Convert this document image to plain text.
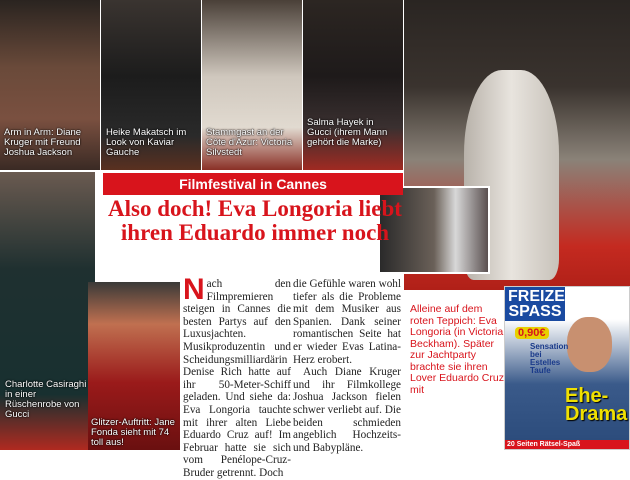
Arm in Arm: Diane Kruger mit Freund Joshua Jackson
Heike Makatsch im Look von Kaviar Gauche
Stammgast an der Côte d'Azur: Victoria Silvstedt
Salma Hayek in Gucci (ihrem Mann gehört die Marke)
Charlotte Casiraghi in einer Rüschenrobe von Gucci
Glitzer-Auftritt: Jane Fonda sieht mit 74 toll aus!
Filmfestival in Cannes
Also doch! Eva Longoria liebt ihren Eduardo immer noch
Nach den Filmpremieren steigen in Cannes die besten Partys auf den Luxusjachten. Musikproduzentin und Scheidungsmilliardärin Denise Rich hatte auf ihr 50-Meter-Schiff geladen. Und siehe da: Eva Longoria tauchte mit ihrer alten Liebe Eduardo Cruz auf! Im Februar hatte sie sich vom Penélope-Cruz-Bruder getrennt. Doch

die Gefühle waren wohl tiefer als die Probleme mit dem Musiker aus Spanien. Dank seiner romantischen Seite hat er wieder Evas Latina-Herz erobert.

Auch Diane Kruger und ihr Filmkollege Joshua Jackson fielen schwer verliebt auf. Die beiden schmieden angeblich Hochzeits- und Babypläne.

Alleine auf dem roten Teppich: Eva Longoria (in Victoria Beckham). Später zur Jachtparty brachte sie ihren Lover Eduardo Cruz mit
FREIZEIT SPASS
0,90€
Sensation bei Estelles Taufe
Ehe-Drama
20 Seiten Rätsel-Spaß
